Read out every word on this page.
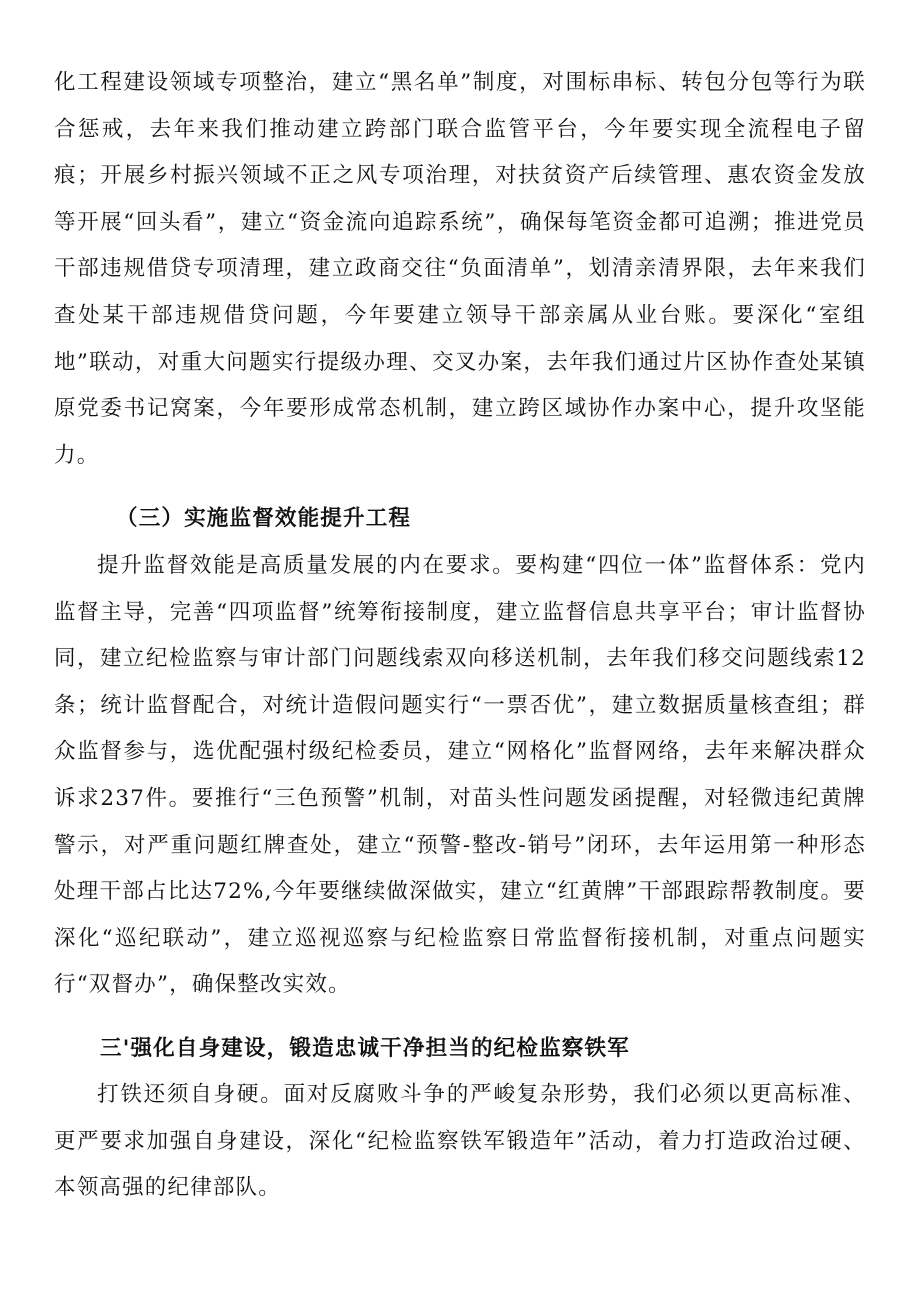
化工程建设领域专项整治，建立“黑名单”制度，对围标串标、转包分包等行为联合惩戒，去年来我们推动建立跨部门联合监管平台，今年要实现全流程电子留痕；开展乡村振兴领域不正之风专项治理，对扶贫资产后续管理、惠农资金发放等开展“回头看”，建立“资金流向追踪系统”，确保每笔资金都可追溯；推进党员干部违规借贷专项清理，建立政商交往“负面清单”，划清亲清界限，去年来我们查处某干部违规借贷问题，今年要建立领导干部亲属从业台账。要深化“室组地”联动，对重大问题实行提级办理、交叉办案，去年我们通过片区协作查处某镇原党委书记窝案，今年要形成常态机制，建立跨区域协作办案中心，提升攻坚能力。

（三）实施监督效能提升工程

提升监督效能是高质量发展的内在要求。要构建“四位一体”监督体系：党内监督主导，完善“四项监督”统筹衔接制度，建立监督信息共享平台；审计监督协同，建立纪检监察与审计部门问题线索双向移送机制，去年我们移交问题线索12条；统计监督配合，对统计造假问题实行“一票否优”，建立数据质量核查组；群众监督参与，选优配强村级纪检委员，建立“网格化”监督网络，去年来解决群众诉求237件。要推行“三色预警”机制，对苗头性问题发函提醒，对轻微违纪黄牌警示，对严重问题红牌查处，建立“预警-整改-销号”闭环，去年运用第一种形态处理干部占比达72%,今年要继续做深做实，建立“红黄牌”干部跟踪帮教制度。要深化“巡纪联动”，建立巡视巡察与纪检监察日常监督衔接机制，对重点问题实行“双督办”，确保整改实效。

三'强化自身建设，锻造忠诚干净担当的纪检监察铁军

打铁还须自身硬。面对反腐败斗争的严峻复杂形势，我们必须以更高标准、更严要求加强自身建设，深化“纪检监察铁军锻造年”活动，着力打造政治过硬、本领高强的纪律部队。
